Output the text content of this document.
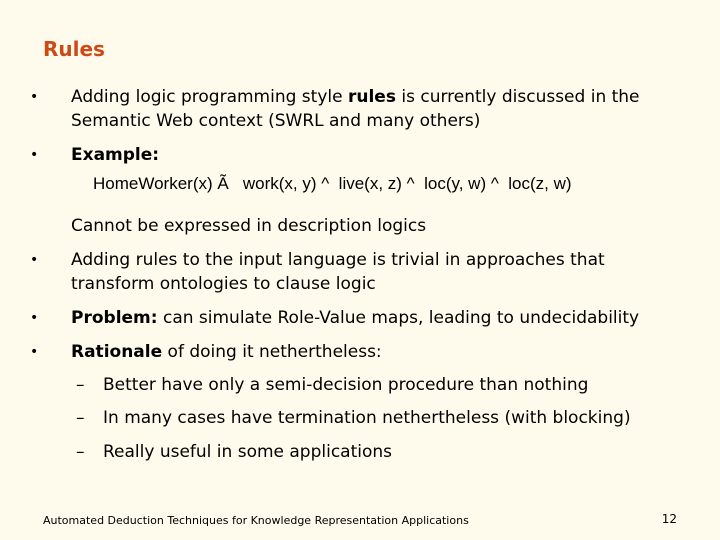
Rules
• Adding logic programming style rules is currently discussed in the Semantic Web context (SWRL and many others)
• Example:
HomeWorker(x) Ã   work(x, y) ^  live(x, z) ^  loc(y, w) ^  loc(z, w)
Cannot be expressed in description logics
• Adding rules to the input language is trivial in approaches that transform ontologies to clause logic
• Problem: can simulate Role-Value maps, leading to undecidability
• Rationale of doing it nethertheless:
– Better have only a semi-decision procedure than nothing
– In many cases have termination nethertheless (with blocking)
– Really useful in some applications
Automated Deduction Techniques for Knowledge Representation Applications	12
